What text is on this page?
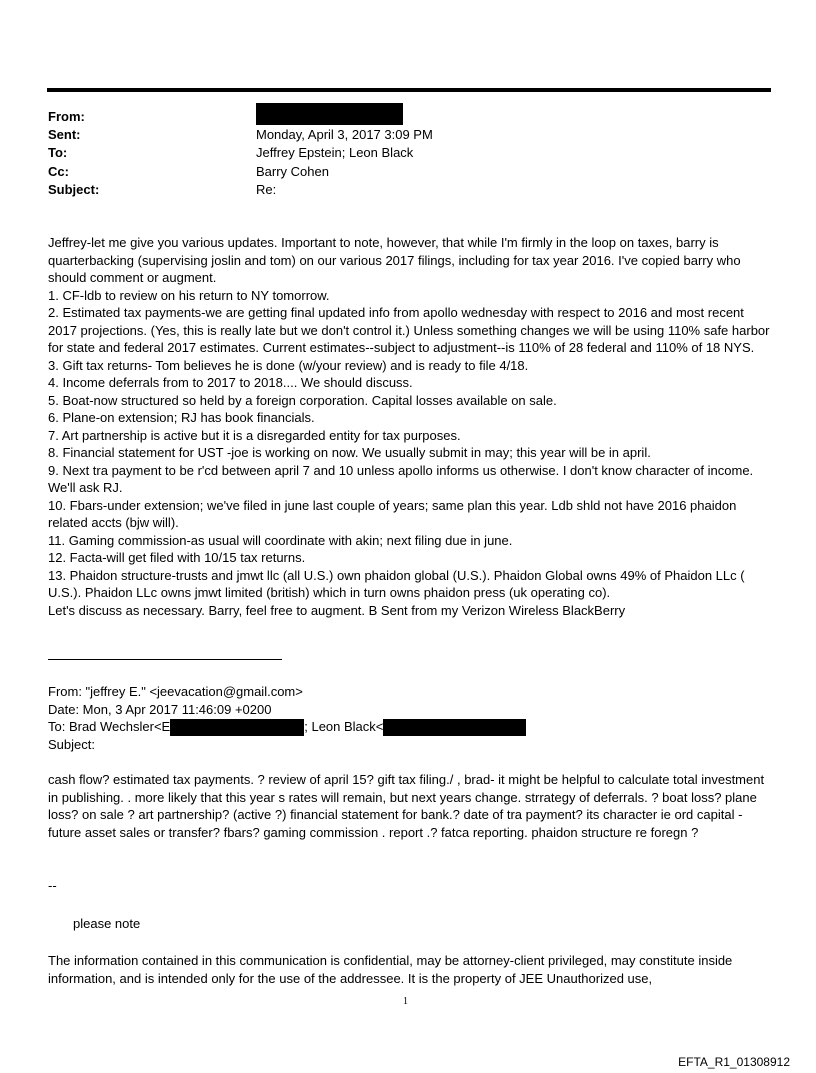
From:
Sent:	Monday, April 3, 2017 3:09 PM
To:	Jeffrey Epstein; Leon Black
Cc:	Barry Cohen
Subject:	Re:

Jeffrey-let me give you various updates. Important to note, however, that while I'm firmly in the loop on taxes, barry is quarterbacking (supervising joslin and tom) on our various 2017 filings, including for tax year 2016. I've copied barry who should comment or augment.

1. CF-ldb to review on his return to NY tomorrow.

2. Estimated tax payments-we are getting final updated info from apollo wednesday with respect to 2016 and most recent 2017 projections. (Yes, this is really late but we don't control it.) Unless something changes we will be using 110% safe harbor for state and federal 2017 estimates. Current estimates--subject to adjustment--is 110% of 28 federal and 110% of 18 NYS.

3. Gift tax returns- Tom believes he is done (w/your review) and is ready to file 4/18.

4. Income deferrals from to 2017 to 2018.... We should discuss.

5. Boat-now structured so held by a foreign corporation. Capital losses available on sale.

6. Plane-on extension; RJ has book financials.

7. Art partnership is active but it is a disregarded entity for tax purposes.

8. Financial statement for UST -joe is working on now. We usually submit in may; this year will be in april.

9. Next tra payment to be r'cd between april 7 and 10 unless apollo informs us otherwise. I don't know character of income. We'll ask RJ.

10. Fbars-under extension; we've filed in june last couple of years; same plan this year. Ldb shld not have 2016 phaidon related accts (bjw will).

11. Gaming commission-as usual will coordinate with akin; next filing due in june.

12. Facta-will get filed with 10/15 tax returns.

13. Phaidon structure-trusts and jmwt llc (all U.S.) own phaidon global (U.S.). Phaidon Global owns 49% of Phaidon LLc ( U.S.). Phaidon LLc owns jmwt limited (british) which in turn owns phaidon press (uk operating co).

Let's discuss as necessary. Barry, feel free to augment. B Sent from my Verizon Wireless BlackBerry

From: "jeffrey E." <jeevacation@gmail.com>

Date: Mon, 3 Apr 2017 11:46:09 +0200

To: Brad Wechsler<E	; Leon Black<

Subject:

cash flow? estimated tax payments. ? review of april 15? gift tax filing./ , brad- it might be helpful to calculate total investment in publishing. . more likely that this year s rates will remain, but next years change. strrategy of deferrals. ? boat loss? plane loss? on sale ? art partnership? (active ?) financial statement for bank.? date of tra payment? its character ie ord capital - future asset sales or transfer? fbars? gaming commission . report .? fatca reporting. phaidon structure re foregn ?
--
please note
The information contained in this communication is confidential, may be attorney-client privileged, may constitute inside information, and is intended only for the use of the addressee. It is the property of JEE Unauthorized use,
1
EFTA_R1_01308912
